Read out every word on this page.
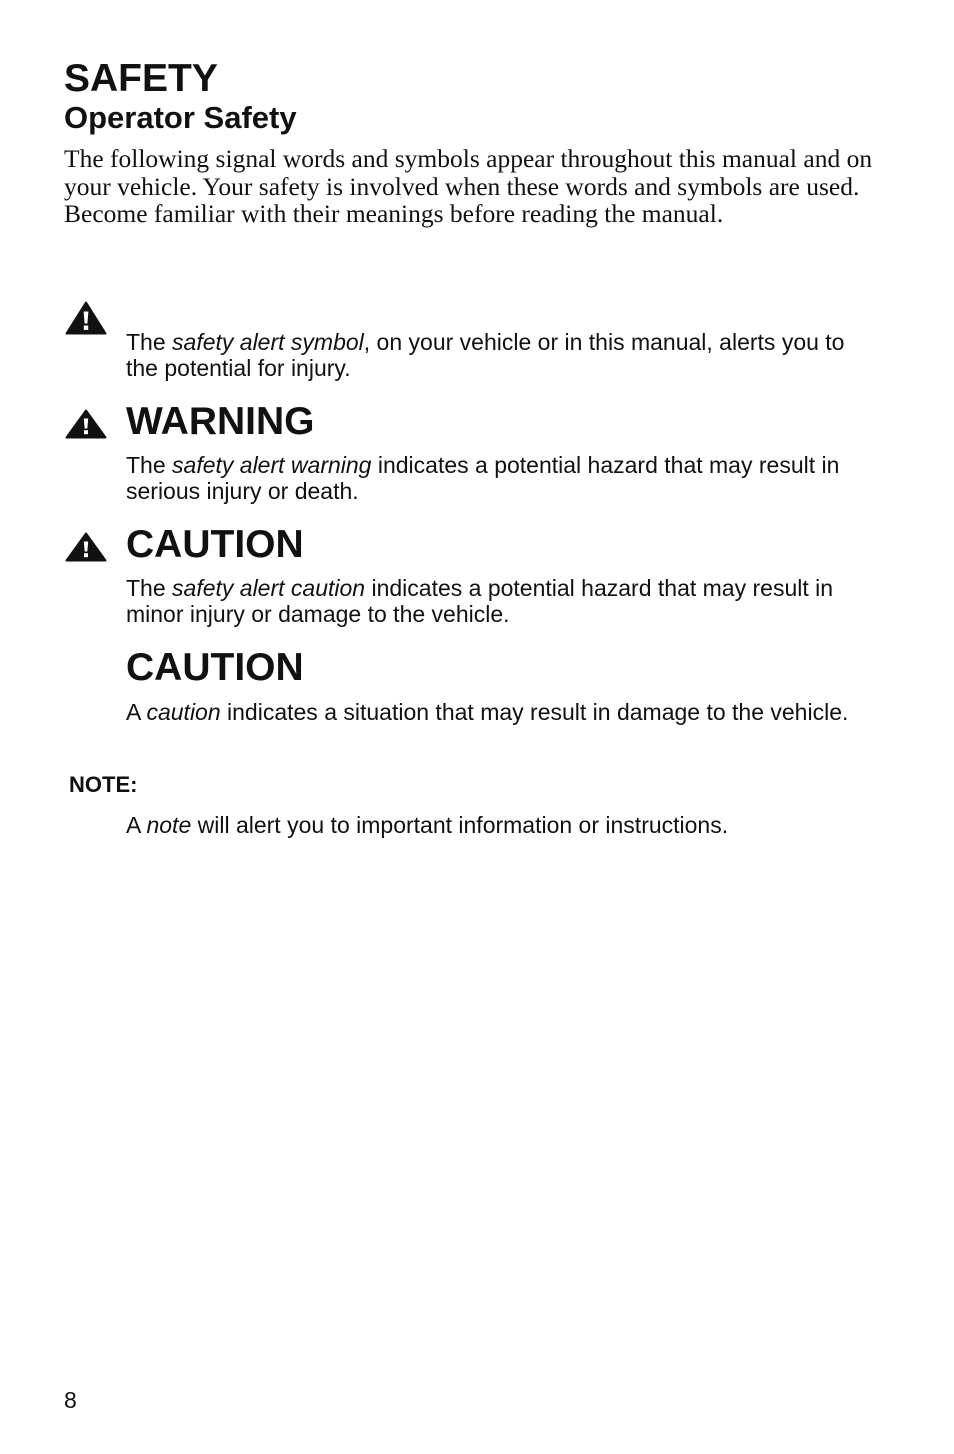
SAFETY
Operator Safety

The following signal words and symbols appear throughout this manual and on your vehicle. Your safety is involved when these words and symbols are used. Become familiar with their meanings before reading the manual.

The safety alert symbol, on your vehicle or in this manual, alerts you to the potential for injury.

WARNING

The safety alert warning indicates a potential hazard that may result in serious injury or death.

CAUTION

The safety alert caution indicates a potential hazard that may result in minor injury or damage to the vehicle.

CAUTION

A caution indicates a situation that may result in damage to the vehicle.

NOTE:

A note will alert you to important information or instructions.

8
